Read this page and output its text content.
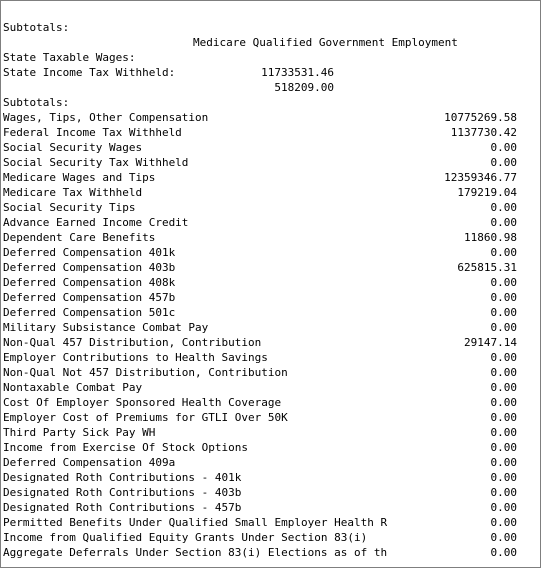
Subtotals:

Medicare Qualified Government Employment

State Taxable Wages:

11733531.46

State Income Tax Withheld:

518209.00

Subtotals:

Wages, Tips, Other Compensation	10775269.58
Federal Income Tax Withheld	1137730.42
Social Security Wages	0.00
Social Security Tax Withheld	0.00
Medicare Wages and Tips	12359346.77
Medicare Tax Withheld	179219.04
Social Security Tips	0.00
Advance Earned Income Credit	0.00
Dependent Care Benefits	11860.98
Deferred Compensation 401k	0.00
Deferred Compensation 403b	625815.31
Deferred Compensation 408k	0.00
Deferred Compensation 457b	0.00
Deferred Compensation 501c	0.00
Military Subsistance Combat Pay	0.00
Non-Qual 457 Distribution, Contribution	29147.14
Employer Contributions to Health Savings	0.00
Non-Qual Not 457 Distribution, Contribution	0.00
Nontaxable Combat Pay	0.00
Cost Of Employer Sponsored Health Coverage	0.00
Employer Cost of Premiums for GTLI Over 50K	0.00
Third Party Sick Pay WH	0.00
Income from Exercise Of Stock Options	0.00
Deferred Compensation 409a	0.00
Designated Roth Contributions - 401k	0.00
Designated Roth Contributions - 403b	0.00
Designated Roth Contributions - 457b	0.00
Permitted Benefits Under Qualified Small Employer Health R	0.00
Income from Qualified Equity Grants Under Section 83(i)	0.00
Aggregate Deferrals Under Section 83(i) Elections as of th	0.00
